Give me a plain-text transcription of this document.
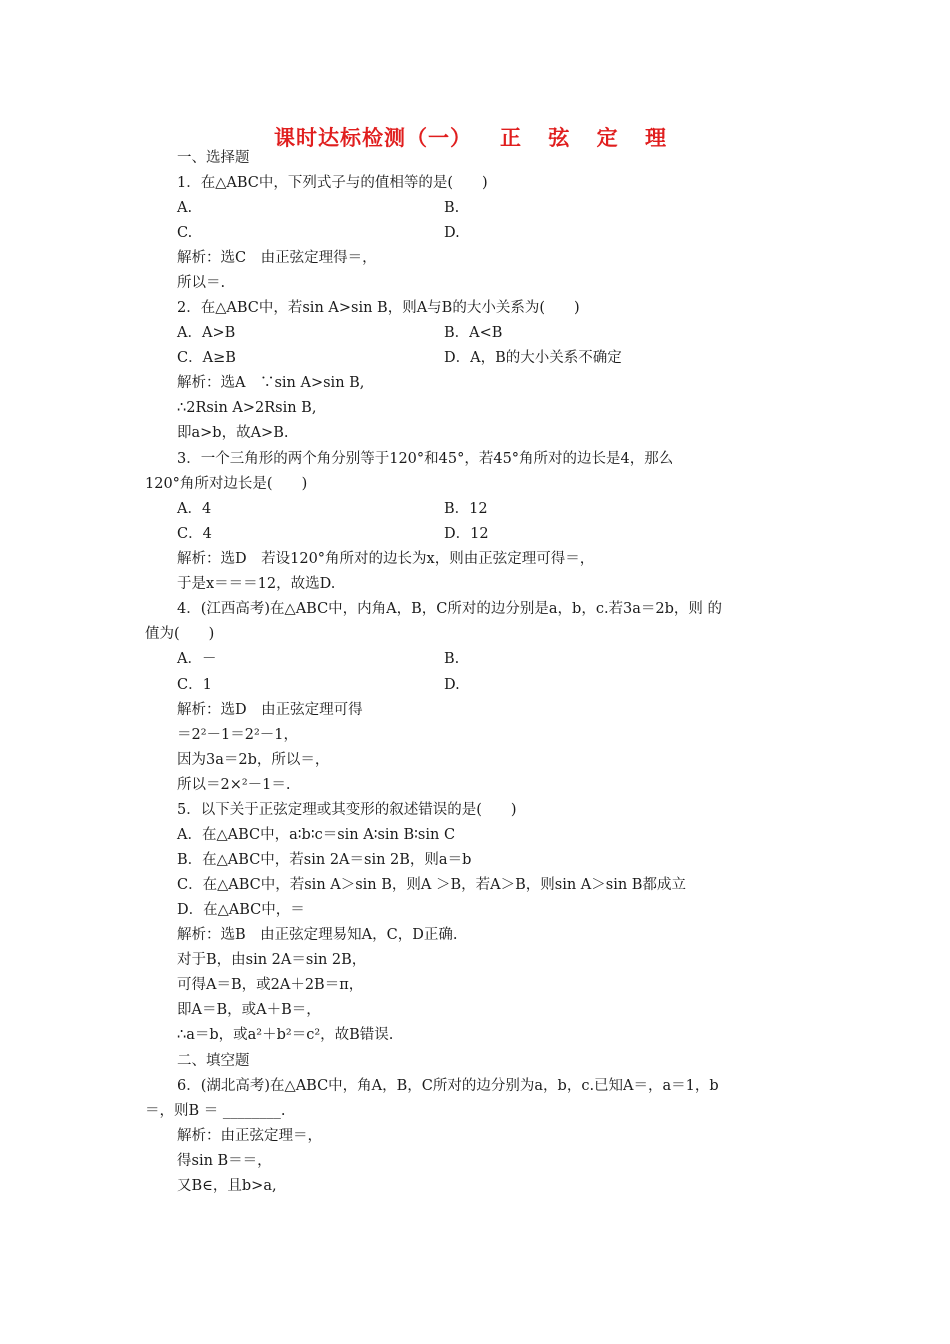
课时达标检测（一） 正 弦 定 理
一、选择题
1．在△ABC中，下列式子与的值相等的是(　　)
A.	B.
C.	D.
解析：选C　由正弦定理得＝，
所以＝.
2．在△ABC中，若sin A>sin B，则A与B的大小关系为(　　)
A．A>B	B．A<B
C．A≥B	D．A，B的大小关系不确定
解析：选A　∵sin A>sin B,
∴2Rsin A>2Rsin B,
即a>b，故A>B.
3．一个三角形的两个角分别等于120°和45°，若45°角所对的边长是4，那么
120°角所对边长是(　　)
A．4	B．12
C．4	D．12
解析：选D　若设120°角所对的边长为x，则由正弦定理可得＝，
于是x＝＝＝12，故选D.
4．(江西高考)在△ABC中，内角A，B，C所对的边分别是a，b，c.若3a＝2b，则 的
值为(　　)
A．－	B.
C．1	D.
解析：选D　由正弦定理可得
＝2²－1＝2²－1，
因为3a＝2b，所以＝，
所以＝2×²－1＝.
5．以下关于正弦定理或其变形的叙述错误的是(　　)
A．在△ABC中，a∶b∶c＝sin A∶sin B∶sin C
B．在△ABC中，若sin 2A＝sin 2B，则a＝b
C．在△ABC中，若sin A＞sin B，则A ＞B，若A＞B，则sin A＞sin B都成立
D．在△ABC中，＝
解析：选B　由正弦定理易知A，C，D正确.
对于B，由sin 2A＝sin 2B，
可得A＝B，或2A＋2B＝π，
即A＝B，或A＋B＝，
∴a＝b，或a²＋b²＝c²，故B错误.
二、填空题
6．(湖北高考)在△ABC中，角A，B，C所对的边分别为a，b，c.已知A＝，a＝1，b
＝，则B ＝ ________.
解析：由正弦定理＝，
得sin B＝＝，
又B∈，且b>a,
